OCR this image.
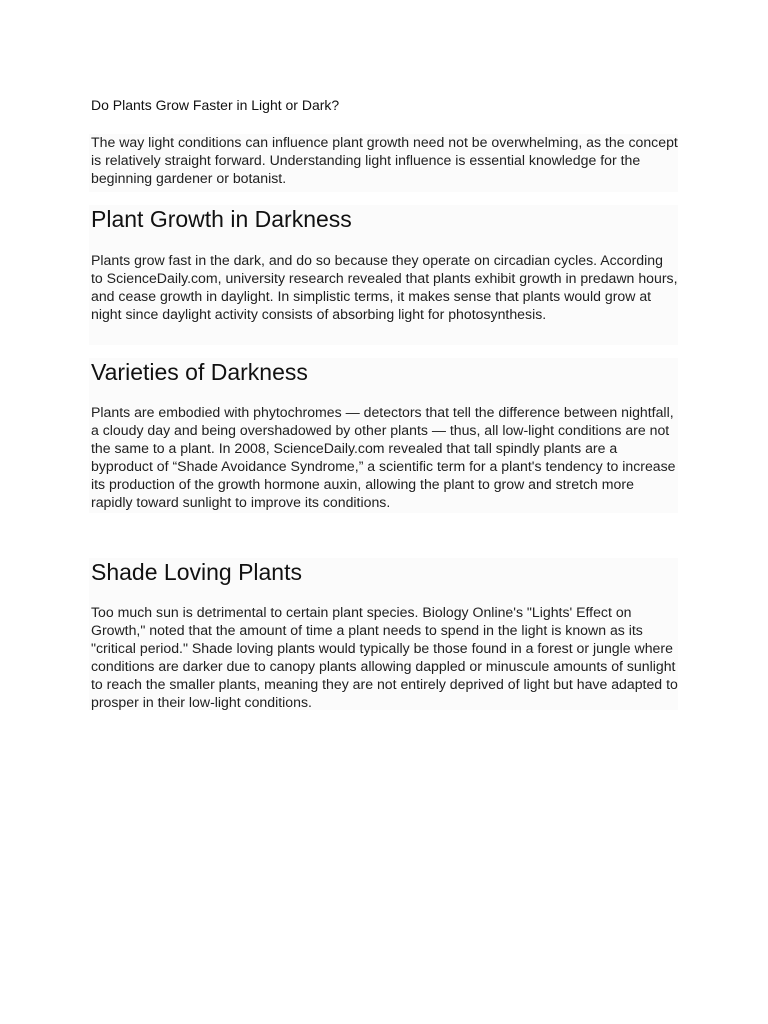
Do Plants Grow Faster in Light or Dark?

The way light conditions can influence plant growth need not be overwhelming, as the concept is relatively straight forward. Understanding light influence is essential knowledge for the beginning gardener or botanist.

Plant Growth in Darkness

Plants grow fast in the dark, and do so because they operate on circadian cycles. According to ScienceDaily.com, university research revealed that plants exhibit growth in predawn hours, and cease growth in daylight. In simplistic terms, it makes sense that plants would grow at night since daylight activity consists of absorbing light for photosynthesis.

Varieties of Darkness

Plants are embodied with phytochromes — detectors that tell the difference between nightfall, a cloudy day and being overshadowed by other plants — thus, all low-light conditions are not the same to a plant. In 2008, ScienceDaily.com revealed that tall spindly plants are a byproduct of “Shade Avoidance Syndrome,” a scientific term for a plant's tendency to increase its production of the growth hormone auxin, allowing the plant to grow and stretch more rapidly toward sunlight to improve its conditions.

Shade Loving Plants

Too much sun is detrimental to certain plant species. Biology Online's "Lights' Effect on Growth," noted that the amount of time a plant needs to spend in the light is known as its "critical period." Shade loving plants would typically be those found in a forest or jungle where conditions are darker due to canopy plants allowing dappled or minuscule amounts of sunlight to reach the smaller plants, meaning they are not entirely deprived of light but have adapted to prosper in their low-light conditions.
